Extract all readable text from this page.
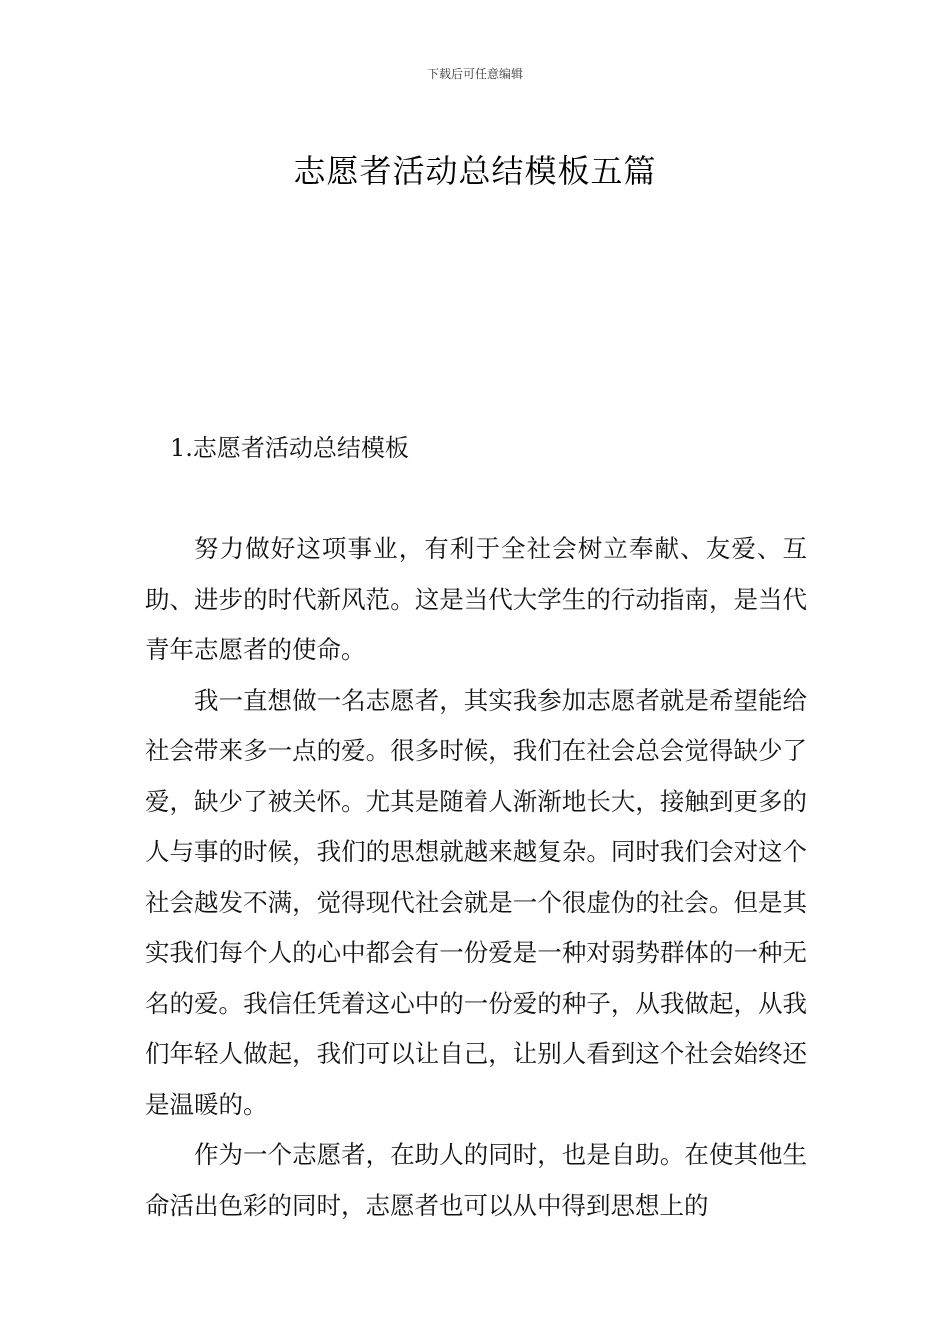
下载后可任意编辑
志愿者活动总结模板五篇
1.志愿者活动总结模板

努力做好这项事业，有利于全社会树立奉献、友爱、互助、进步的时代新风范。这是当代大学生的行动指南，是当代青年志愿者的使命。

我一直想做一名志愿者，其实我参加志愿者就是希望能给社会带来多一点的爱。很多时候，我们在社会总会觉得缺少了爱，缺少了被关怀。尤其是随着人渐渐地长大，接触到更多的人与事的时候，我们的思想就越来越复杂。同时我们会对这个社会越发不满，觉得现代社会就是一个很虚伪的社会。但是其实我们每个人的心中都会有一份爱是一种对弱势群体的一种无名的爱。我信任凭着这心中的一份爱的种子，从我做起，从我们年轻人做起，我们可以让自己，让别人看到这个社会始终还是温暖的。

作为一个志愿者，在助人的同时，也是自助。在使其他生命活出色彩的同时，志愿者也可以从中得到思想上的
